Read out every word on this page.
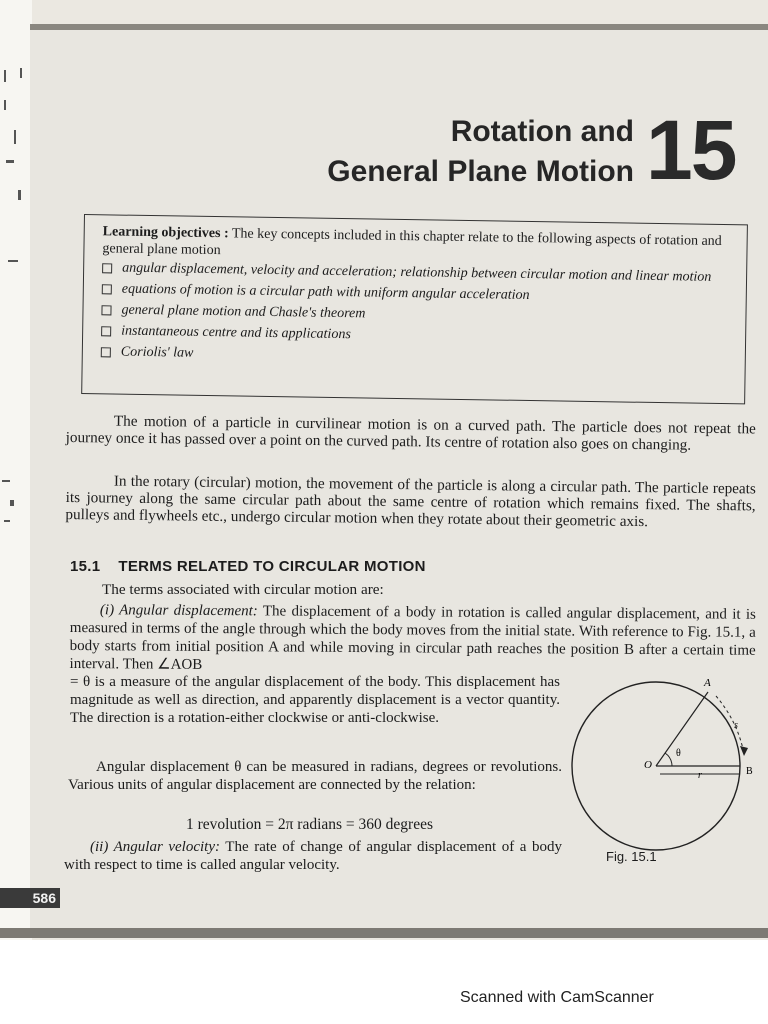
Rotation and
General Plane Motion 15
Learning objectives : The key concepts included in this chapter relate to the following aspects of rotation and general plane motion
angular displacement, velocity and acceleration; relationship between circular motion and linear motion
equations of motion is a circular path with uniform angular acceleration
general plane motion and Chasle's theorem
instantaneous centre and its applications
Coriolis' law
The motion of a particle in curvilinear motion is on a curved path. The particle does not repeat the journey once it has passed over a point on the curved path. Its centre of rotation also goes on changing.
In the rotary (circular) motion, the movement of the particle is along a circular path. The particle repeats its journey along the same circular path about the same centre of rotation which remains fixed. The shafts, pulleys and flywheels etc., undergo circular motion when they rotate about their geometric axis.
15.1 TERMS RELATED TO CIRCULAR MOTION
The terms associated with circular motion are:
(i) Angular displacement: The displacement of a body in rotation is called angular displacement, and it is measured in terms of the angle through which the body moves from the initial state. With reference to Fig. 15.1, a body starts from initial position A and while moving in circular path reaches the position B after a certain time interval. Then ∠AOB
= θ is a measure of the angular displacement of the body. This displacement has magnitude as well as direction, and apparently displacement is a vector quantity. The direction is a rotation-either clockwise or anti-clockwise.
Angular displacement θ can be measured in radians, degrees or revolutions. Various units of angular displacement are connected by the relation:
1 revolution = 2π radians = 360 degrees
(ii) Angular velocity: The rate of change of angular displacement of a body with respect to time is called angular velocity.
A
B
O
θ
r
s
Fig. 15.1
586
Scanned with CamScanner
